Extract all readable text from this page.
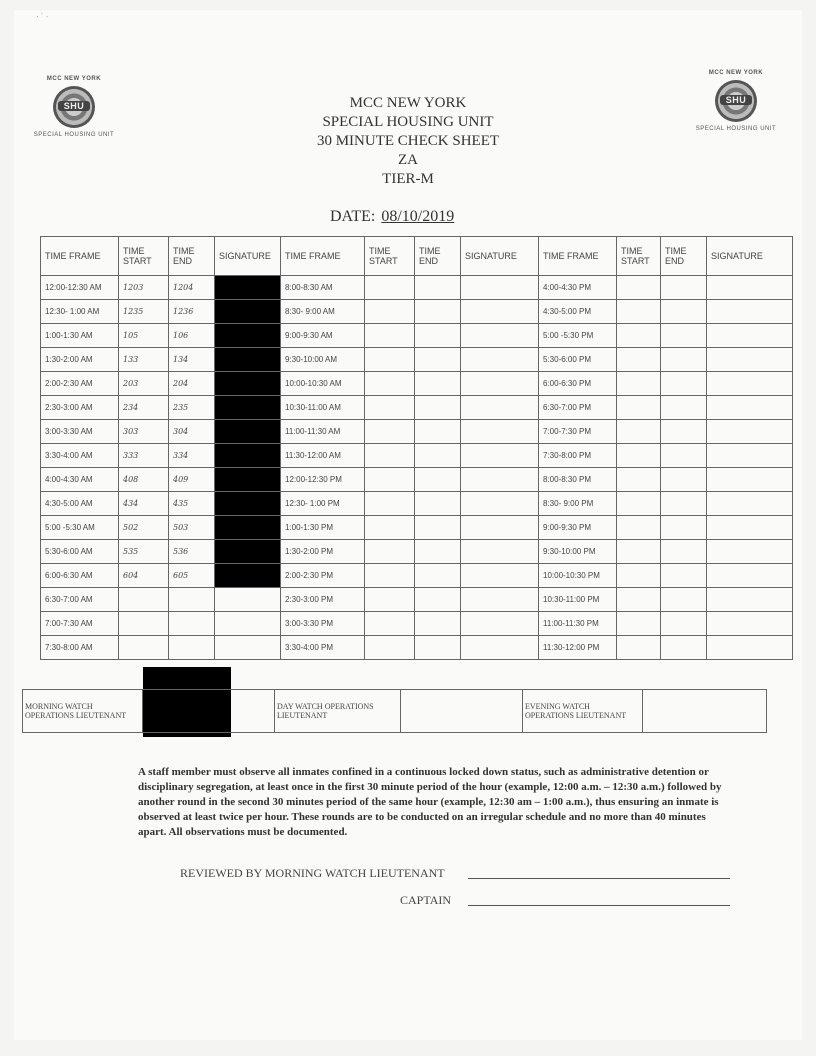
· ˙ ·
MCC NEW YORK
SHU
SPECIAL HOUSING UNIT
MCC NEW YORK
SHU
SPECIAL HOUSING UNIT
MCC NEW YORK
SPECIAL HOUSING UNIT
30 MINUTE CHECK SHEET
ZA
TIER-M
DATE: 08/10/2019
TIME FRAME	TIME START	TIME END	SIGNATURE	TIME FRAME	TIME START	TIME END	SIGNATURE	TIME FRAME	TIME START	TIME END	SIGNATURE
12:00-12:30 AM	1203	1204		8:00-8:30 AM				4:00-4:30 PM			
12:30- 1:00 AM	1235	1236		8:30- 9:00 AM				4:30-5:00 PM			
1:00-1:30 AM	105	106		9:00-9:30 AM				5:00 -5:30 PM			
1:30-2:00 AM	133	134		9:30-10:00 AM				5:30-6:00 PM			
2:00-2:30 AM	203	204		10:00-10:30 AM				6:00-6:30 PM			
2:30-3:00 AM	234	235		10:30-11:00 AM				6:30-7:00 PM			
3:00-3:30 AM	303	304		11:00-11:30 AM				7:00-7:30 PM			
3:30-4:00 AM	333	334		11:30-12:00 AM				7:30-8:00 PM			
4:00-4:30 AM	408	409		12:00-12:30 PM				8:00-8:30 PM			
4:30-5:00 AM	434	435		12:30- 1:00 PM				8:30- 9:00 PM			
5:00 -5:30 AM	502	503		1:00-1:30 PM				9:00-9:30 PM			
5:30-6:00 AM	535	536		1:30-2:00 PM				9:30-10:00 PM			
6:00-6:30 AM	604	605		2:00-2:30 PM				10:00-10:30 PM			
6:30-7:00 AM				2:30-3:00 PM				10:30-11:00 PM			
7:00-7:30 AM				3:00-3:30 PM				11:00-11:30 PM			
7:30-8:00 AM				3:30-4:00 PM				11:30-12:00 PM			
MORNING WATCH OPERATIONS LIEUTENANT		DAY WATCH OPERATIONS LIEUTENANT		EVENING WATCH OPERATIONS LIEUTENANT	
A staff member must observe all inmates confined in a continuous locked down status, such as administrative detention or disciplinary segregation, at least once in the first 30 minute period of the hour (example, 12:00 a.m. – 12:30 a.m.) followed by another round in the second 30 minutes period of the same hour (example, 12:30 am – 1:00 a.m.), thus ensuring an inmate is observed at least twice per hour. These rounds are to be conducted on an irregular schedule and no more than 40 minutes apart. All observations must be documented.
REVIEWED BY MORNING WATCH LIEUTENANT
CAPTAIN
